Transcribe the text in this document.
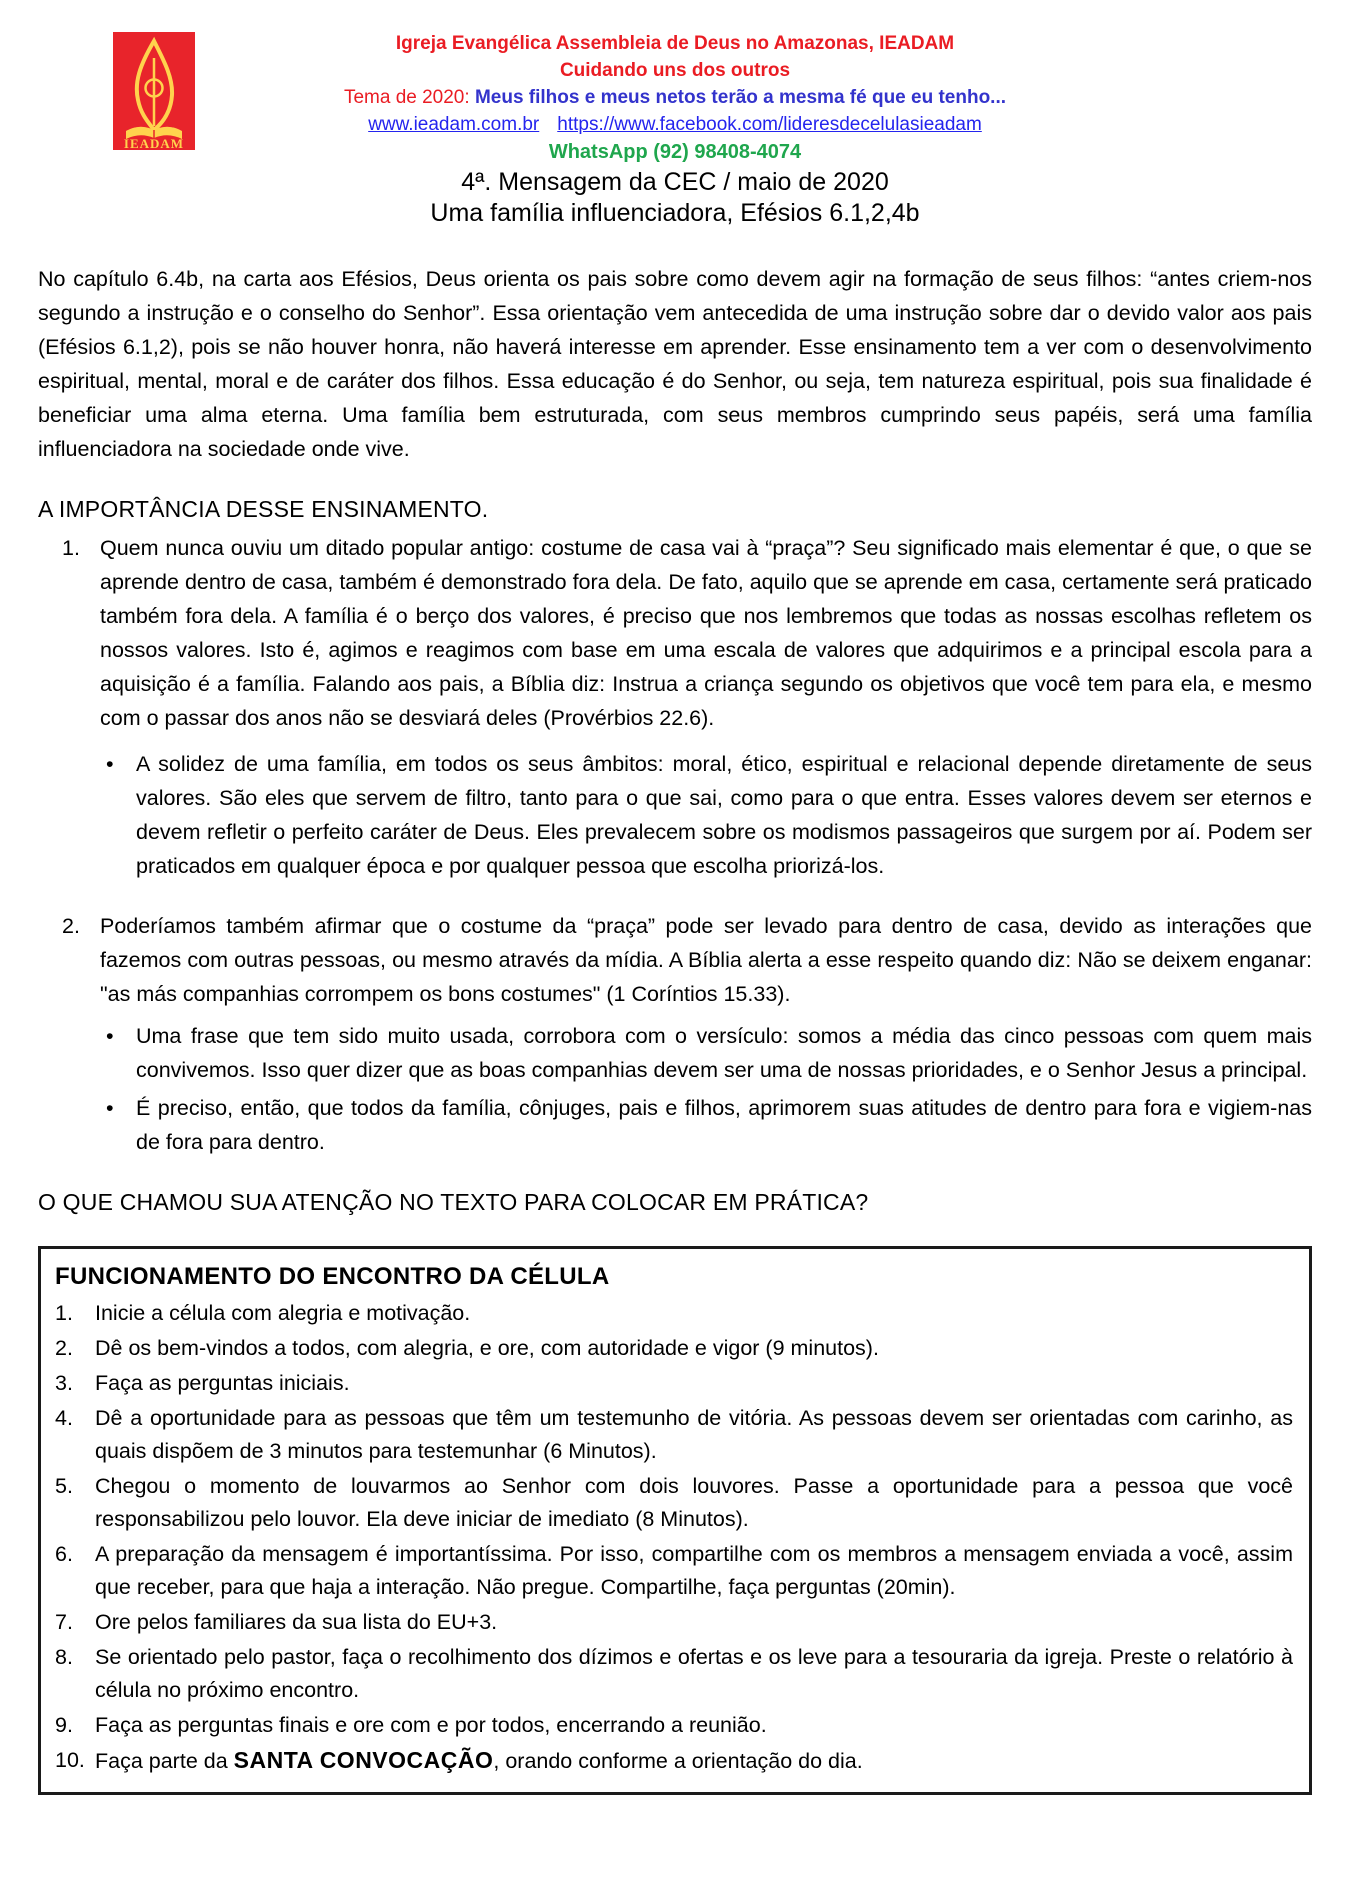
IEADAM
Igreja Evangélica Assembleia de Deus no Amazonas, IEADAM
Cuidando uns dos outros
Tema de 2020: Meus filhos e meus netos terão a mesma fé que eu tenho...
www.ieadam.com.br https://www.facebook.com/lideresdecelulasieadam
WhatsApp (92) 98408-4074
4ª. Mensagem da CEC / maio de 2020
Uma família influenciadora, Efésios 6.1,2,4b

No capítulo 6.4b, na carta aos Efésios, Deus orienta os pais sobre como devem agir na formação de seus filhos: “antes criem-nos segundo a instrução e o conselho do Senhor”. Essa orientação vem antecedida de uma instrução sobre dar o devido valor aos pais (Efésios 6.1,2), pois se não houver honra, não haverá interesse em aprender. Esse ensinamento tem a ver com o desenvolvimento espiritual, mental, moral e de caráter dos filhos. Essa educação é do Senhor, ou seja, tem natureza espiritual, pois sua finalidade é beneficiar uma alma eterna. Uma família bem estruturada, com seus membros cumprindo seus papéis, será uma família influenciadora na sociedade onde vive.

A IMPORTÂNCIA DESSE ENSINAMENTO.
1. Quem nunca ouviu um ditado popular antigo: costume de casa vai à “praça”? Seu significado mais elementar é que, o que se aprende dentro de casa, também é demonstrado fora dela. De fato, aquilo que se aprende em casa, certamente será praticado também fora dela. A família é o berço dos valores, é preciso que nos lembremos que todas as nossas escolhas refletem os nossos valores. Isto é, agimos e reagimos com base em uma escala de valores que adquirimos e a principal escola para a aquisição é a família. Falando aos pais, a Bíblia diz: Instrua a criança segundo os objetivos que você tem para ela, e mesmo com o passar dos anos não se desviará deles (Provérbios 22.6).
•	A solidez de uma família, em todos os seus âmbitos: moral, ético, espiritual e relacional depende diretamente de seus valores. São eles que servem de filtro, tanto para o que sai, como para o que entra. Esses valores devem ser eternos e devem refletir o perfeito caráter de Deus. Eles prevalecem sobre os modismos passageiros que surgem por aí. Podem ser praticados em qualquer época e por qualquer pessoa que escolha priorizá-los.
2. Poderíamos também afirmar que o costume da “praça” pode ser levado para dentro de casa, devido as interações que fazemos com outras pessoas, ou mesmo através da mídia. A Bíblia alerta a esse respeito quando diz: Não se deixem enganar: "as más companhias corrompem os bons costumes" (1 Coríntios 15.33).
•	Uma frase que tem sido muito usada, corrobora com o versículo: somos a média das cinco pessoas com quem mais convivemos. Isso quer dizer que as boas companhias devem ser uma de nossas prioridades, e o Senhor Jesus a principal.
•	É preciso, então, que todos da família, cônjuges, pais e filhos, aprimorem suas atitudes de dentro para fora e vigiem-nas de fora para dentro.
O QUE CHAMOU SUA ATENÇÃO NO TEXTO PARA COLOCAR EM PRÁTICA?
FUNCIONAMENTO DO ENCONTRO DA CÉLULA
1.	Inicie a célula com alegria e motivação.
2.	Dê os bem-vindos a todos, com alegria, e ore, com autoridade e vigor (9 minutos).
3.	Faça as perguntas iniciais.
4.	Dê a oportunidade para as pessoas que têm um testemunho de vitória. As pessoas devem ser orientadas com carinho, as quais dispõem de 3 minutos para testemunhar (6 Minutos).
5.	Chegou o momento de louvarmos ao Senhor com dois louvores. Passe a oportunidade para a pessoa que você responsabilizou pelo louvor. Ela deve iniciar de imediato (8 Minutos).
6.	A preparação da mensagem é importantíssima. Por isso, compartilhe com os membros a mensagem enviada a você, assim que receber, para que haja a interação. Não pregue. Compartilhe, faça perguntas (20min).
7.	Ore pelos familiares da sua lista do EU+3.
8.	Se orientado pelo pastor, faça o recolhimento dos dízimos e ofertas e os leve para a tesouraria da igreja. Preste o relatório à célula no próximo encontro.
9.	Faça as perguntas finais e ore com e por todos, encerrando a reunião.
10. Faça parte da SANTA CONVOCAÇÃO, orando conforme a orientação do dia.
